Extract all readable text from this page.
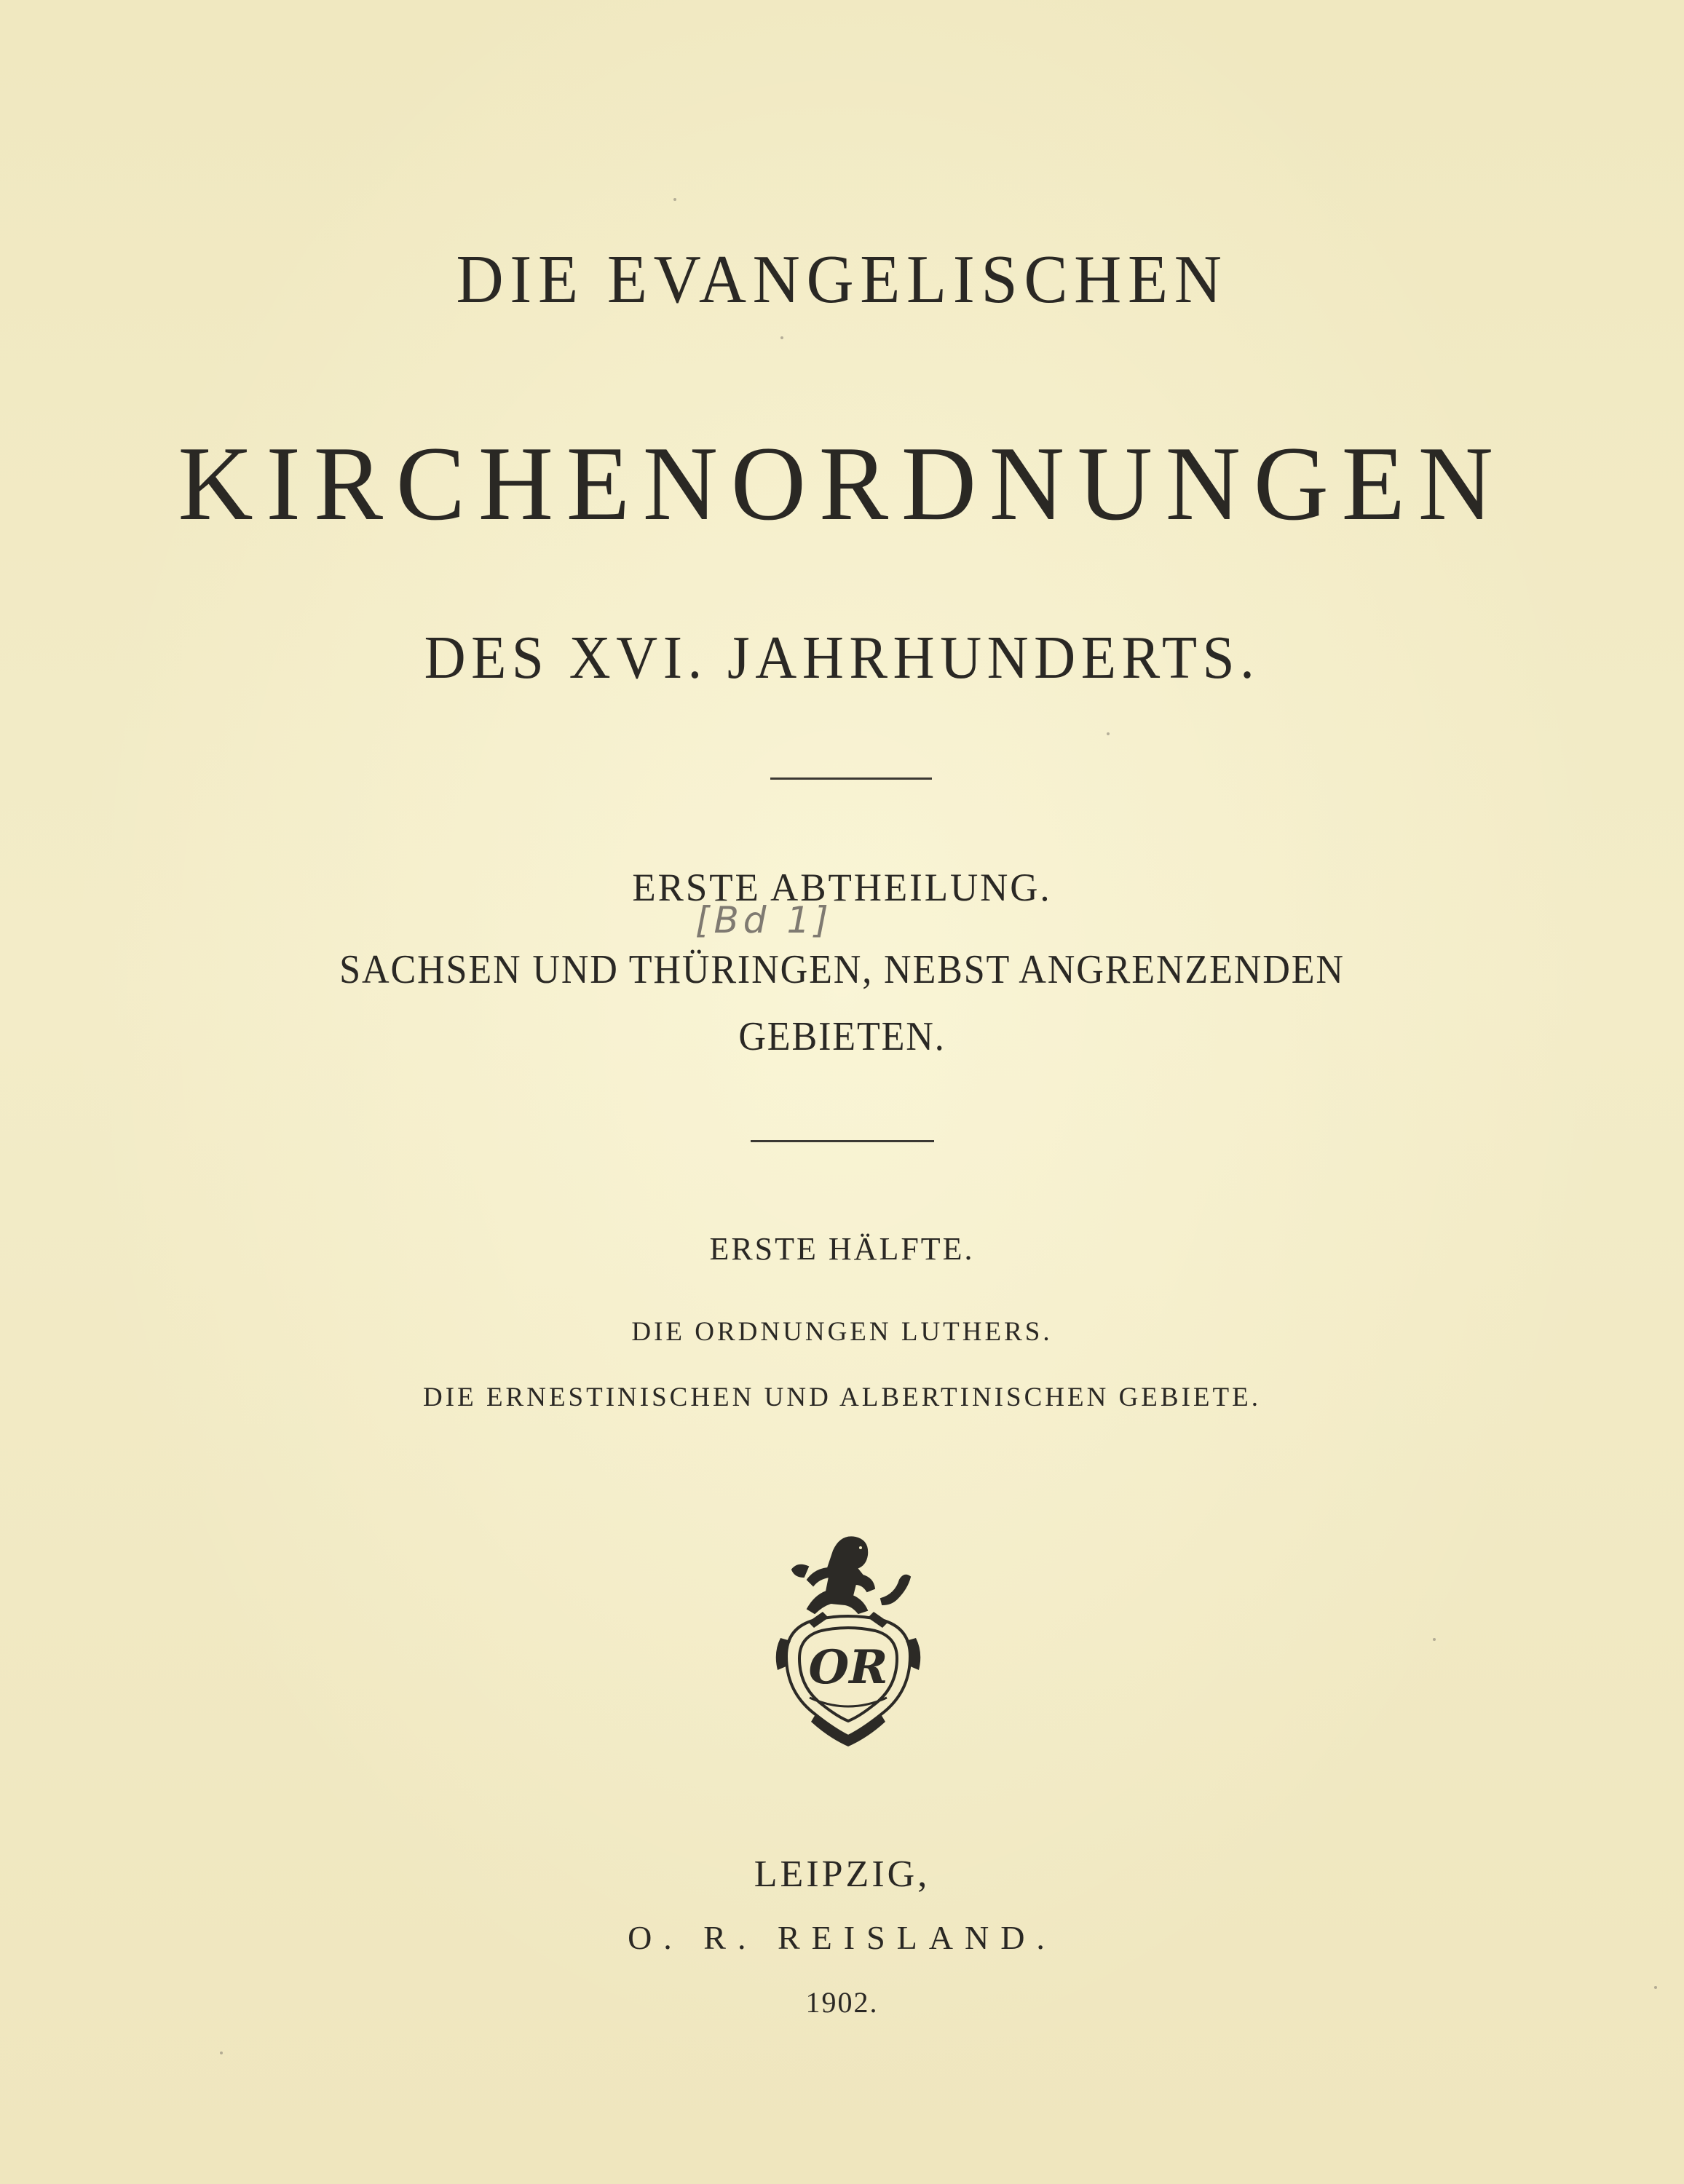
DIE EVANGELISCHEN
KIRCHENORDNUNGEN
DES XVI. JAHRHUNDERTS.
ERSTE ABTHEILUNG.
[Bd 1]
SACHSEN UND THÜRINGEN, NEBST ANGRENZENDEN
GEBIETEN.
ERSTE HÄLFTE.
DIE ORDNUNGEN LUTHERS.
DIE ERNESTINISCHEN UND ALBERTINISCHEN GEBIETE.
OR
LEIPZIG,
O. R. REISLAND.
1902.
